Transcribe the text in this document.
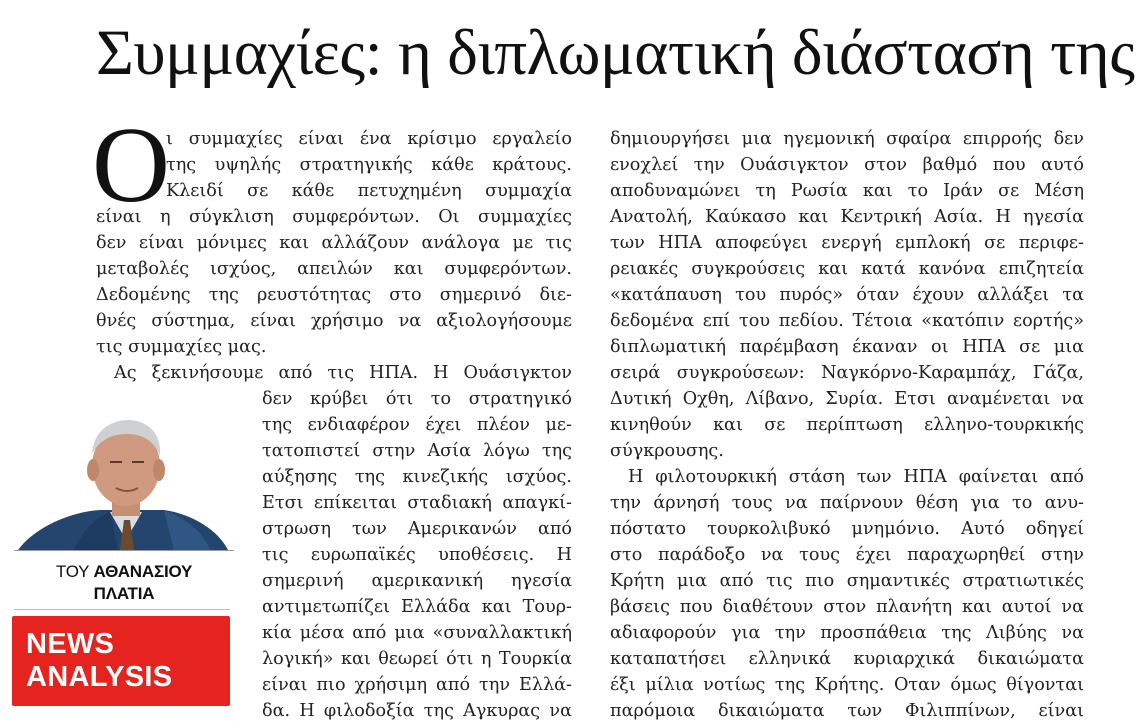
Συμμαχίες: η διπλωματική διάσταση της
Ο
ι συμμαχίες είναι ένα κρίσιμο εργαλείο
της υψηλής στρατηγικής κάθε κράτους.
Κλειδί σε κάθε πετυχημένη συμμαχία
είναι η σύγκλιση συμφερόντων. Οι συμμαχίες
δεν είναι μόνιμες και αλλάζουν ανάλογα με τις
μεταβολές ισχύος, απειλών και συμφερόντων.
Δεδομένης της ρευστότητας στο σημερινό διε-
θνές σύστημα, είναι χρήσιμο να αξιολογήσουμε
τις συμμαχίες μας.
Ας ξεκινήσουμε από τις ΗΠΑ. Η Ουάσιγκτον
δεν κρύβει ότι το στρατηγικό
της ενδιαφέρον έχει πλέον με-
τατοπιστεί στην Ασία λόγω της
αύξησης της κινεζικής ισχύος.
Ετσι επίκειται σταδιακή απαγκί-
στρωση των Αμερικανών από
τις ευρωπαϊκές υποθέσεις. Η
σημερινή αμερικανική ηγεσία
αντιμετωπίζει Ελλάδα και Τουρ-
κία μέσα από μια «συναλλακτική
λογική» και θεωρεί ότι η Τουρκία
είναι πιο χρήσιμη από την Ελλά-
δα. Η φιλοδοξία της Αγκυρας να
δημιουργήσει μια ηγεμονική σφαίρα επιρροής δεν
ενοχλεί την Ουάσιγκτον στον βαθμό που αυτό
αποδυναμώνει τη Ρωσία και το Ιράν σε Μέση
Ανατολή, Καύκασο και Κεντρική Ασία. Η ηγεσία
των ΗΠΑ αποφεύγει ενεργή εμπλοκή σε περιφε-
ρειακές συγκρούσεις και κατά κανόνα επιζητεία
«κατάπαυση του πυρός» όταν έχουν αλλάξει τα
δεδομένα επί του πεδίου. Τέτοια «κατόπιν εορτής»
διπλωματική παρέμβαση έκαναν οι ΗΠΑ σε μια
σειρά συγκρούσεων: Ναγκόρνο-Καραμπάχ, Γάζα,
Δυτική Οχθη, Λίβανο, Συρία. Ετσι αναμένεται να
κινηθούν και σε περίπτωση ελληνο-τουρκικής
σύγκρουσης.
Η φιλοτουρκική στάση των ΗΠΑ φαίνεται από
την άρνησή τους να παίρνουν θέση για το ανυ-
πόστατο τουρκολιβυκό μνημόνιο. Αυτό οδηγεί
στο παράδοξο να τους έχει παραχωρηθεί στην
Κρήτη μια από τις πιο σημαντικές στρατιωτικές
βάσεις που διαθέτουν στον πλανήτη και αυτοί να
αδιαφορούν για την προσπάθεια της Λιβύης να
καταπατήσει ελληνικά κυριαρχικά δικαιώματα
έξι μίλια νοτίως της Κρήτης. Οταν όμως θίγονται
παρόμοια δικαιώματα των Φιλιππίνων, είναι
ΤΟΥ ΑΘΑΝΑΣΙΟΥ
ΠΛΑΤΙΑ
NEWS
ANALYSIS
